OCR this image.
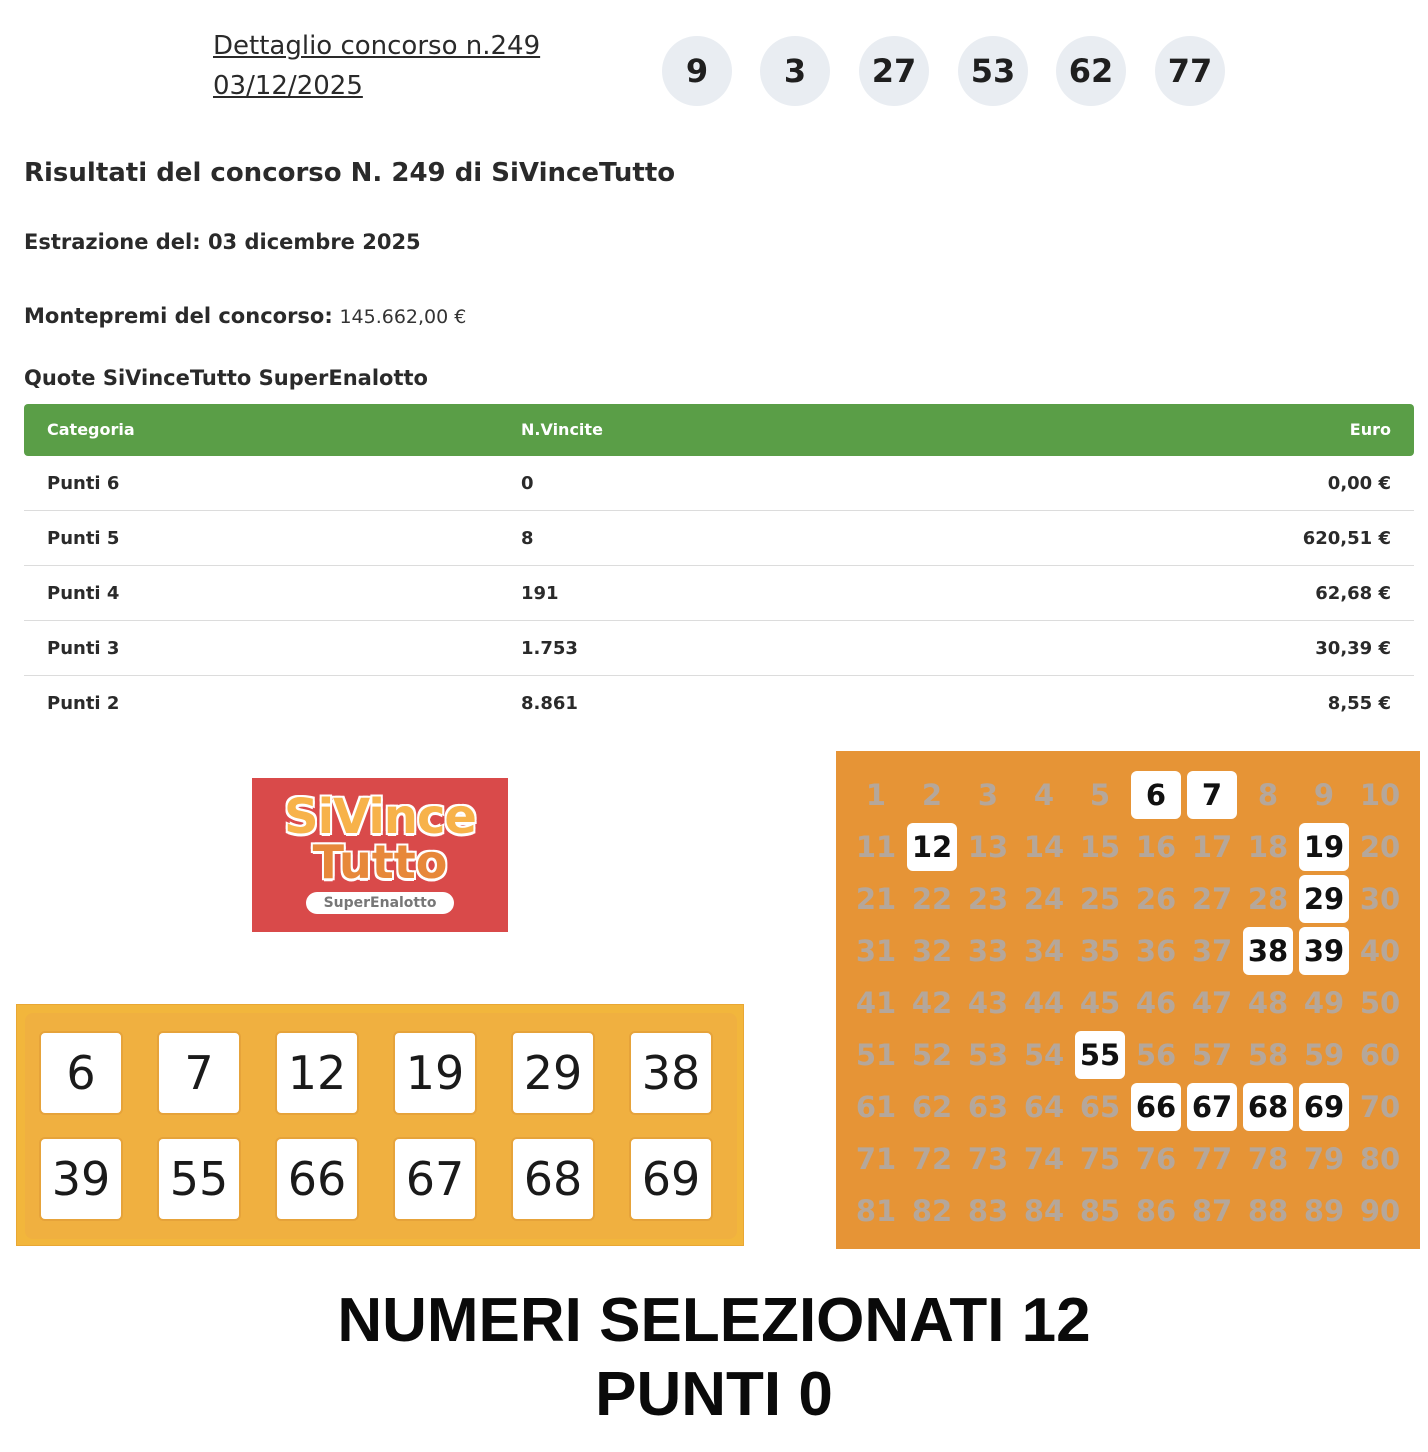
Dettaglio concorso n.249
03/12/2025	9	3	27	53	62	77
Risultati del concorso N. 249 di SiVinceTutto
Estrazione del: 03 dicembre 2025
Montepremi del concorso: 145.662,00 €
Quote SiVinceTutto SuperEnalotto
Categoria	N.Vincite	Euro
Punti 6	0	0,00 €
Punti 5	8	620,51 €
Punti 4	191	62,68 €
Punti 3	1.753	30,39 €
Punti 2	8.861	8,55 €
SiVince
Tutto
SuperEnalotto
6	7	12 19 29 38
39 55 66 67 68 69
1	2	3	4	5	6	7	8	9 10
11 12 13 14 15 16 17 18 19 20
21 22 23 24 25 26 27 28 29 30
31 32 33 34 35 36 37 38 39 40
41 42 43 44 45 46 47 48 49 50
51 52 53 54 55 56 57 58 59 60
61 62 63 64 65 66 67 68 69 70
71 72 73 74 75 76 77 78 79 80
81 82 83 84 85 86 87 88 89 90
NUMERI SELEZIONATI 12
PUNTI 0
